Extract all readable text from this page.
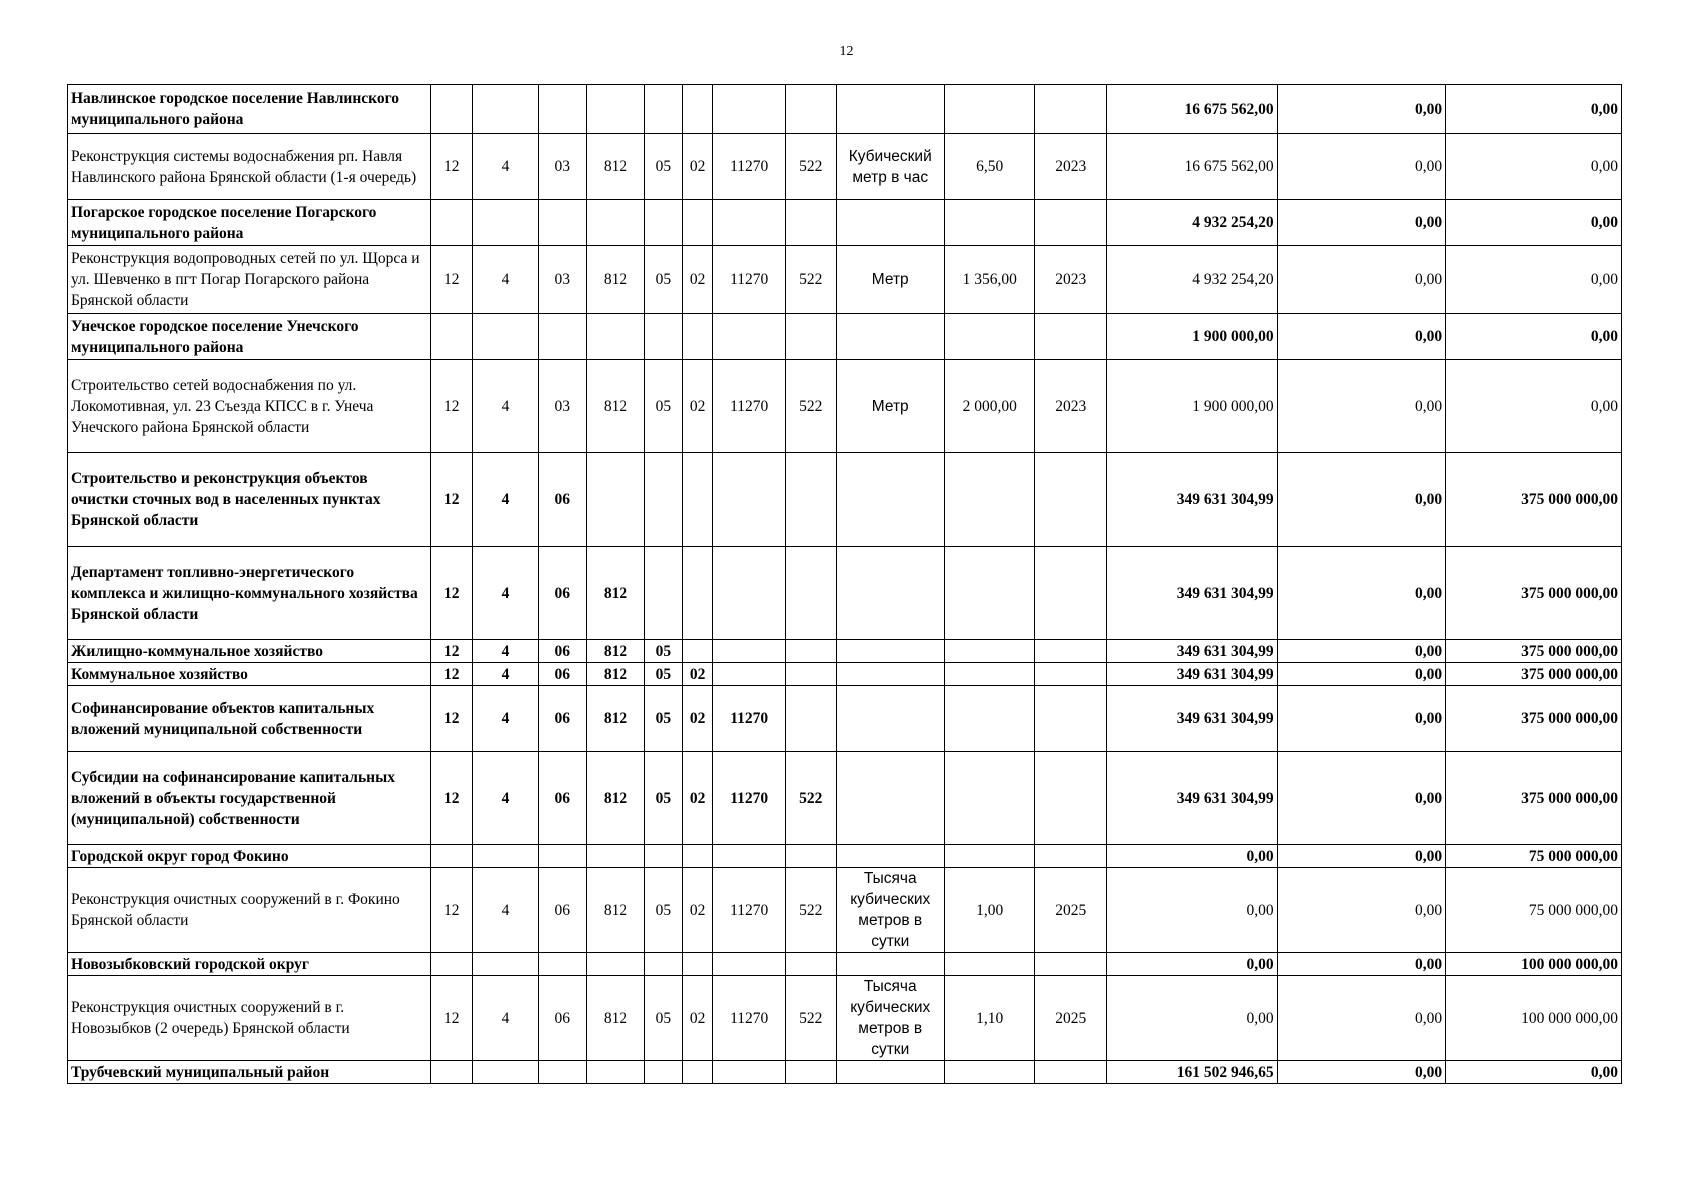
12
Навлинское городское поселение Навлинского муниципального района												16 675 562,00	0,00	0,00
Реконструкция системы водоснабжения рп. Навля Навлинского района Брянской области (1-я очередь)	12	4	03	812	05	02	11270	522	Кубический метр в час	6,50	2023	16 675 562,00	0,00	0,00
Погарское городское поселение Погарского муниципального района												4 932 254,20	0,00	0,00
Реконструкция водопроводных сетей по ул. Щорса и ул. Шевченко в пгт Погар Погарского района Брянской области	12	4	03	812	05	02	11270	522	Метр	1 356,00	2023	4 932 254,20	0,00	0,00
Унечское городское поселение Унечского муниципального района												1 900 000,00	0,00	0,00
Строительство сетей водоснабжения по ул. Локомотивная, ул. 23 Съезда КПСС в г. Унеча Унечского района Брянской области	12	4	03	812	05	02	11270	522	Метр	2 000,00	2023	1 900 000,00	0,00	0,00
Строительство и реконструкция объектов очистки сточных вод в населенных пунктах Брянской области	12	4	06									349 631 304,99	0,00	375 000 000,00
Департамент топливно-энергетического комплекса и жилищно-коммунального хозяйства Брянской области	12	4	06	812								349 631 304,99	0,00	375 000 000,00
Жилищно-коммунальное хозяйство	12	4	06	812	05							349 631 304,99	0,00	375 000 000,00
Коммунальное хозяйство	12	4	06	812	05	02						349 631 304,99	0,00	375 000 000,00
Софинансирование объектов капитальных вложений муниципальной собственности	12	4	06	812	05	02	11270					349 631 304,99	0,00	375 000 000,00
Субсидии на софинансирование капитальных вложений в объекты государственной (муниципальной) собственности	12	4	06	812	05	02	11270	522				349 631 304,99	0,00	375 000 000,00
Городской округ город Фокино												0,00	0,00	75 000 000,00
Реконструкция очистных сооружений в г. Фокино Брянской области	12	4	06	812	05	02	11270	522	Тысяча кубических метров в сутки	1,00	2025	0,00	0,00	75 000 000,00
Новозыбковский городской округ												0,00	0,00	100 000 000,00
Реконструкция очистных сооружений в г. Новозыбков (2 очередь) Брянской области	12	4	06	812	05	02	11270	522	Тысяча кубических метров в сутки	1,10	2025	0,00	0,00	100 000 000,00
Трубчевский муниципальный район												161 502 946,65	0,00	0,00
